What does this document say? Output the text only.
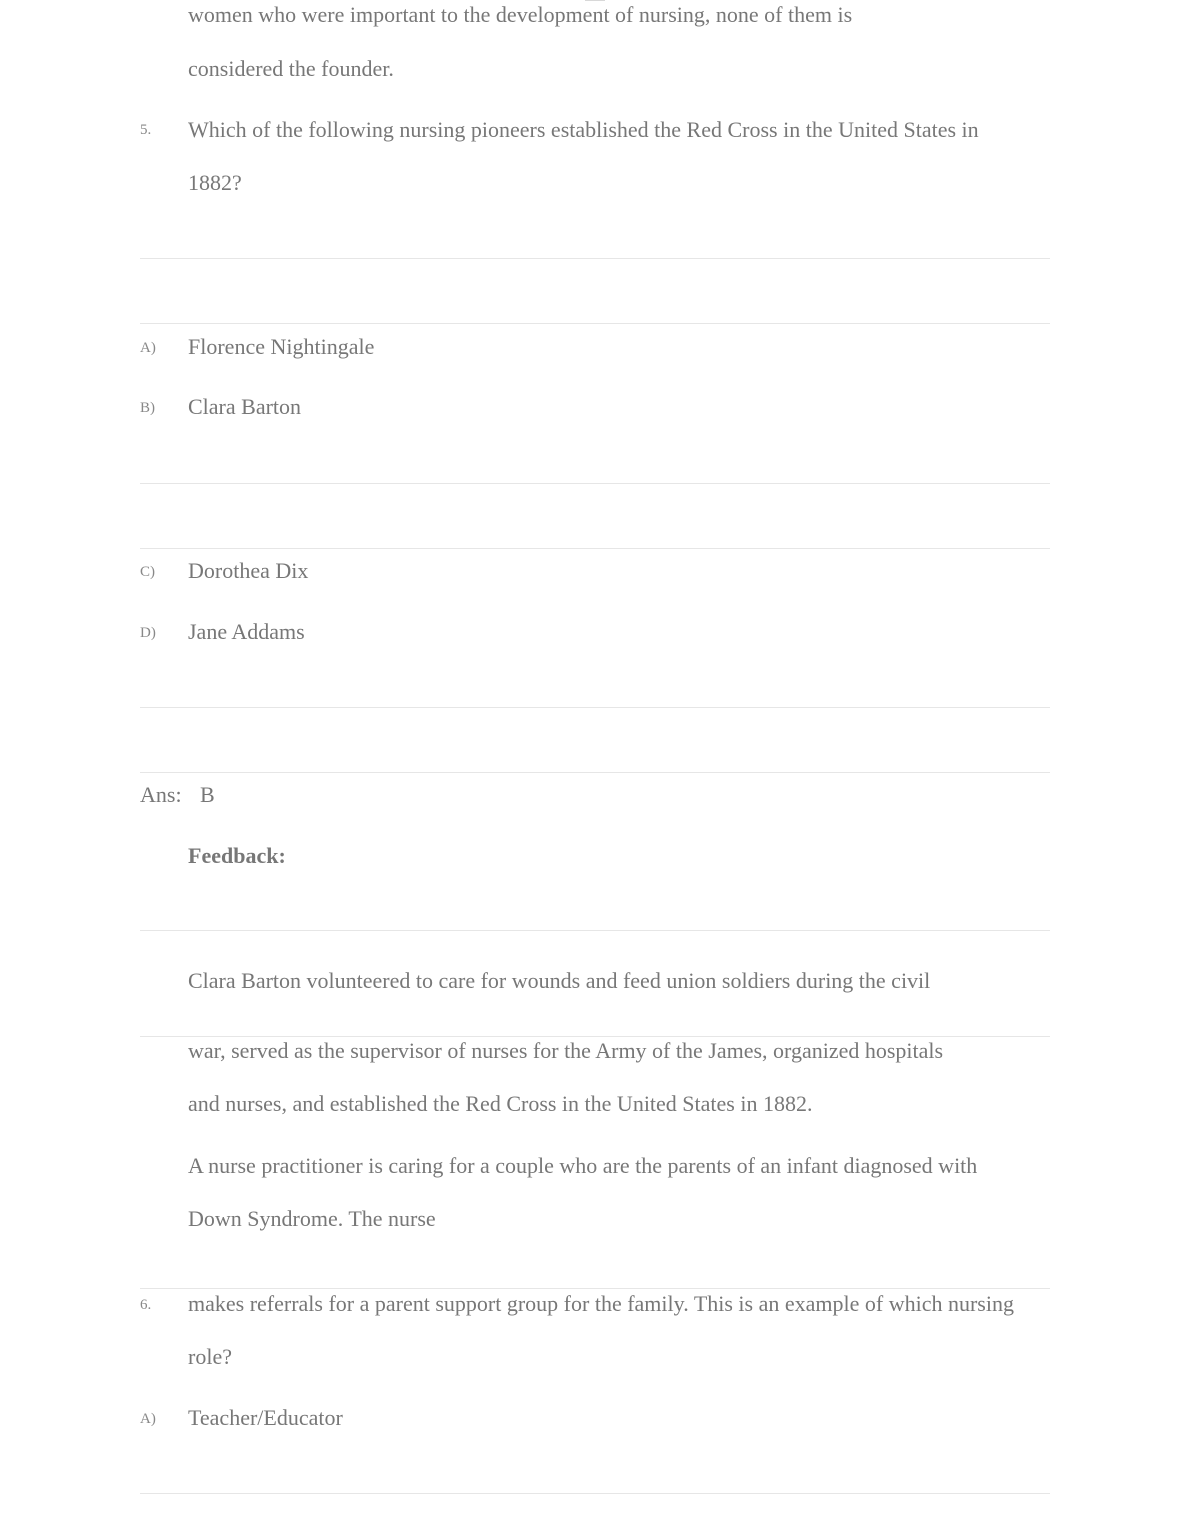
women who were important to the development of nursing, none of them is
considered the founder.
5. Which of the following nursing pioneers established the Red Cross in the United States in
1882?
A) Florence Nightingale
B) Clara Barton
C) Dorothea Dix
D) Jane Addams
Ans: B
Feedback:
Clara Barton volunteered to care for wounds and feed union soldiers during the civil
war, served as the supervisor of nurses for the Army of the James, organized hospitals
and nurses, and established the Red Cross in the United States in 1882.
A nurse practitioner is caring for a couple who are the parents of an infant diagnosed with
Down Syndrome. The nurse
6. makes referrals for a parent support group for the family. This is an example of which nursing
role?
A) Teacher/Educator
